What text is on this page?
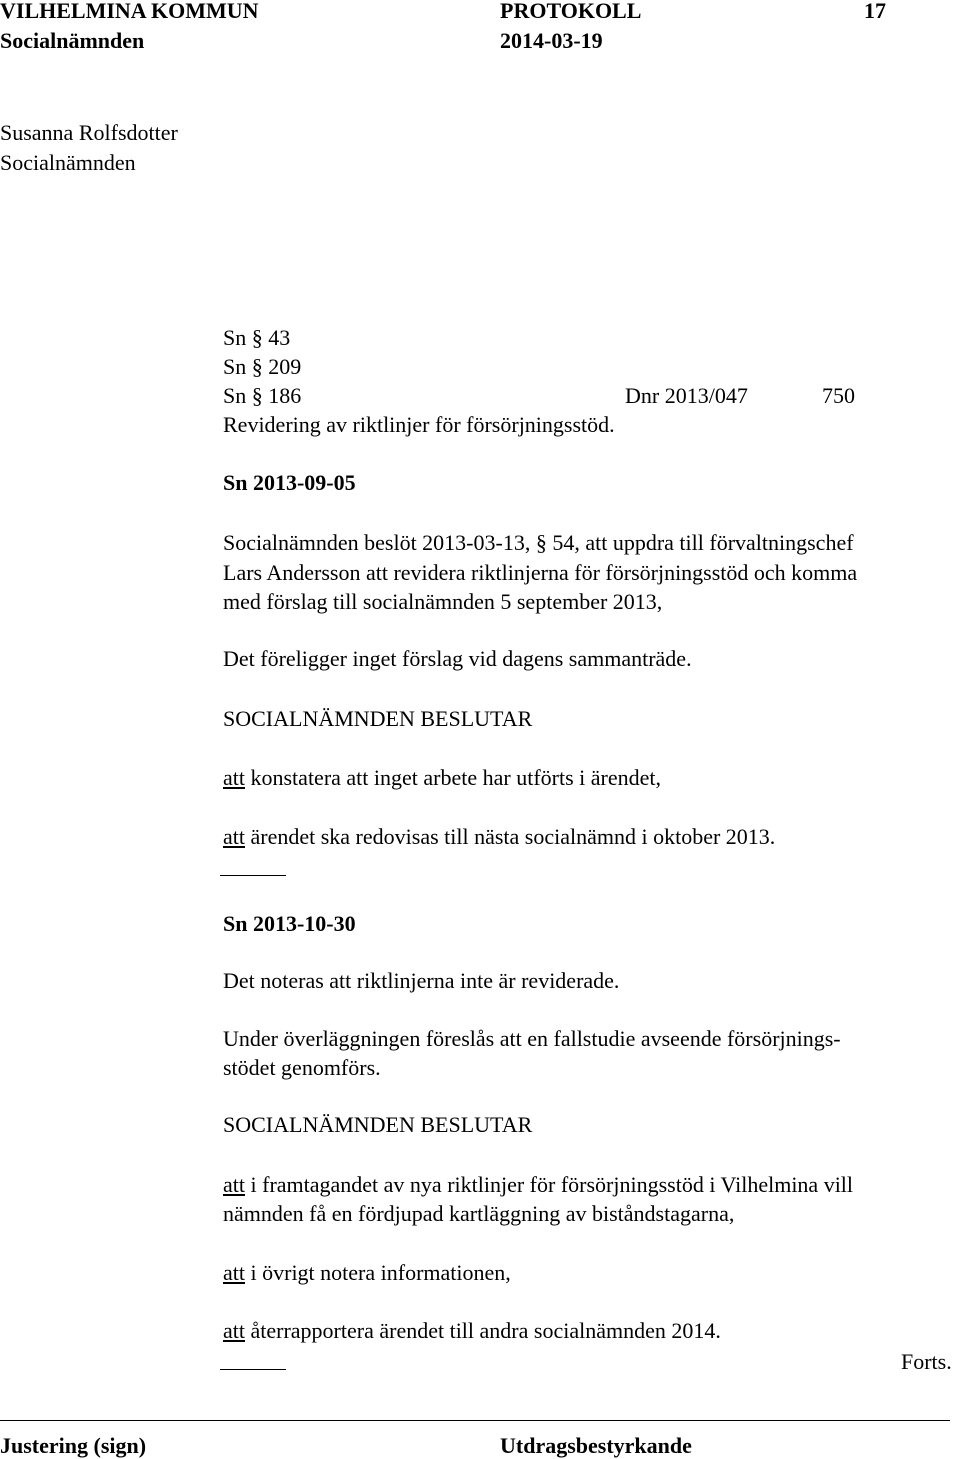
VILHELMINA KOMMUN	PROTOKOLL	17
Socialnämnden	2014-03-19
Susanna Rolfsdotter
Socialnämnden
Sn § 43
Sn § 209
Sn § 186	Dnr 2013/047	750
Revidering av riktlinjer för försörjningsstöd.
Sn 2013-09-05
Socialnämnden beslöt 2013-03-13, § 54, att uppdra till förvaltningschef
Lars Andersson att revidera riktlinjerna för försörjningsstöd och komma
med förslag till socialnämnden 5 september 2013,
Det föreligger inget förslag vid dagens sammanträde.
SOCIALNÄMNDEN BESLUTAR
att konstatera att inget arbete har utförts i ärendet,
att ärendet ska redovisas till nästa socialnämnd i oktober 2013.
Sn 2013-10-30
Det noteras att riktlinjerna inte är reviderade.
Under överläggningen föreslås att en fallstudie avseende försörjnings-
stödet genomförs.
SOCIALNÄMNDEN BESLUTAR
att i framtagandet av nya riktlinjer för försörjningsstöd i Vilhelmina vill
nämnden få en fördjupad kartläggning av biståndstagarna,
att i övrigt notera informationen,
att återrapportera ärendet till andra socialnämnden 2014.
Forts.
Justering (sign)	Utdragsbestyrkande
